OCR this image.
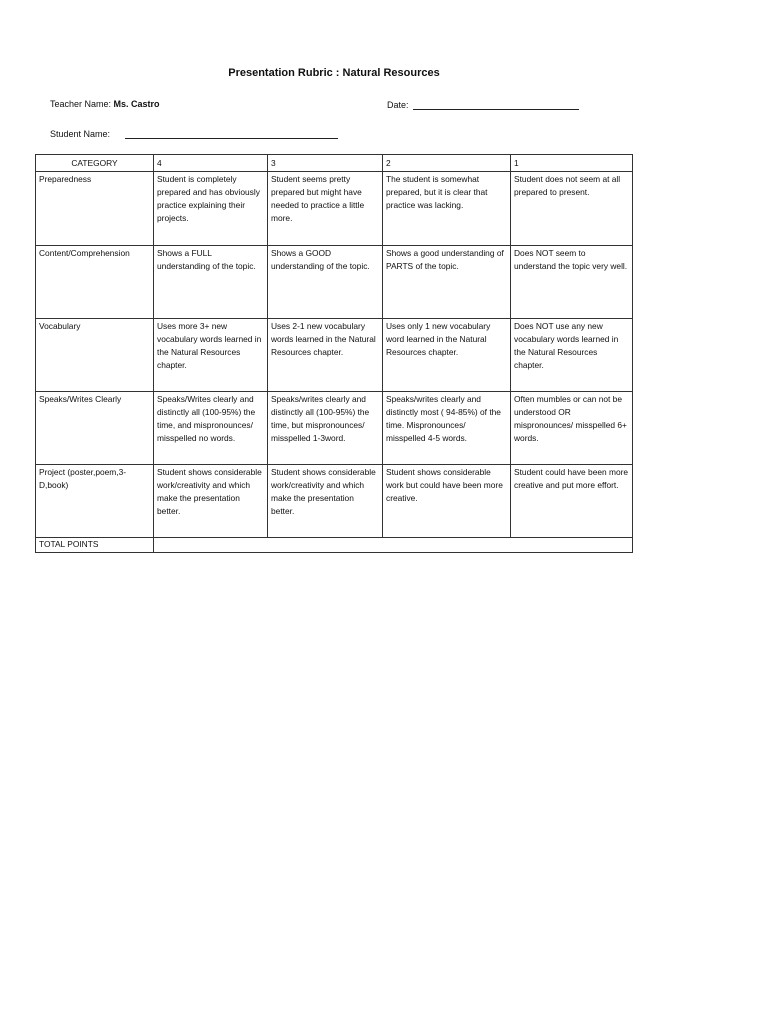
Presentation Rubric : Natural Resources
Teacher Name: Ms. Castro	Date:
Student Name:
CATEGORY	4	3	2	1
Preparedness	Student is completely prepared and has obviously practice explaining their projects.	Student seems pretty prepared but might have needed to practice a little more.	The student is somewhat prepared, but it is clear that practice was lacking.	Student does not seem at all prepared to present.
Content/Comprehension	Shows a FULL understanding of the topic.	Shows a GOOD understanding of the topic.	Shows a good understanding of PARTS of the topic.	Does NOT seem to understand the topic very well.
Vocabulary	Uses more 3+ new vocabulary words learned in the Natural Resources chapter.	Uses 2-1 new vocabulary words learned in the Natural Resources chapter.	Uses only 1 new vocabulary word learned in the Natural Resources chapter.	Does NOT use any new vocabulary words learned in the Natural Resources chapter.
Speaks/Writes Clearly	Speaks/Writes clearly and distinctly all (100-95%) the time, and mispronounces/ misspelled no words.	Speaks/writes clearly and distinctly all (100-95%) the time, but mispronounces/ misspelled 1-3word.	Speaks/writes clearly and distinctly most ( 94-85%) of the time. Mispronounces/ misspelled 4-5 words.	Often mumbles or can not be understood OR mispronounces/ misspelled 6+ words.
Project (poster,poem,3-D,book)	Student shows considerable work/creativity and which make the presentation better.	Student shows considerable work/creativity and which make the presentation better.	Student shows considerable work but could have been more creative.	Student could have been more creative and put more effort.
TOTAL POINTS				
